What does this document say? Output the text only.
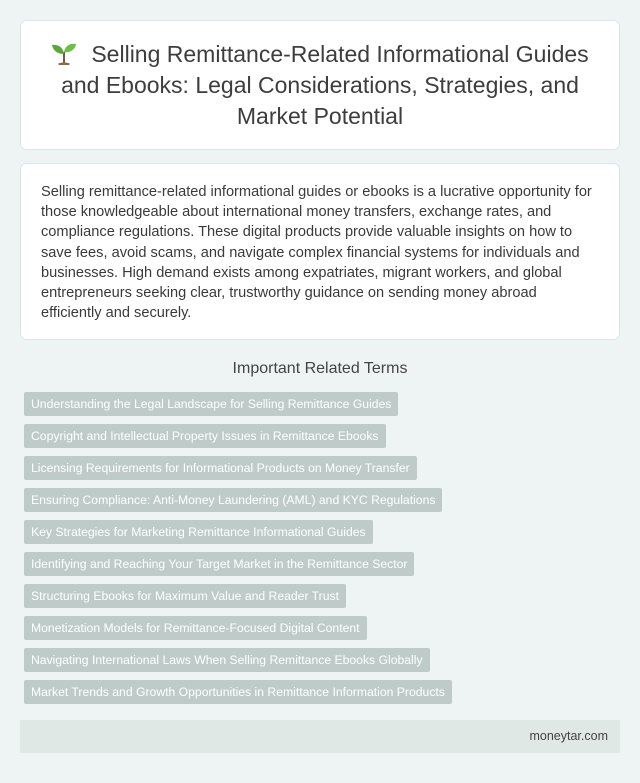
Selling Remittance-Related Informational Guides and Ebooks: Legal Considerations, Strategies, and Market Potential

Selling remittance-related informational guides or ebooks is a lucrative opportunity for those knowledgeable about international money transfers, exchange rates, and compliance regulations. These digital products provide valuable insights on how to save fees, avoid scams, and navigate complex financial systems for individuals and businesses. High demand exists among expatriates, migrant workers, and global entrepreneurs seeking clear, trustworthy guidance on sending money abroad efficiently and securely.

Important Related Terms
Understanding the Legal Landscape for Selling Remittance Guides
Copyright and Intellectual Property Issues in Remittance Ebooks
Licensing Requirements for Informational Products on Money Transfer
Ensuring Compliance: Anti-Money Laundering (AML) and KYC Regulations
Key Strategies for Marketing Remittance Informational Guides
Identifying and Reaching Your Target Market in the Remittance Sector
Structuring Ebooks for Maximum Value and Reader Trust
Monetization Models for Remittance-Focused Digital Content
Navigating International Laws When Selling Remittance Ebooks Globally
Market Trends and Growth Opportunities in Remittance Information Products
moneytar.com
